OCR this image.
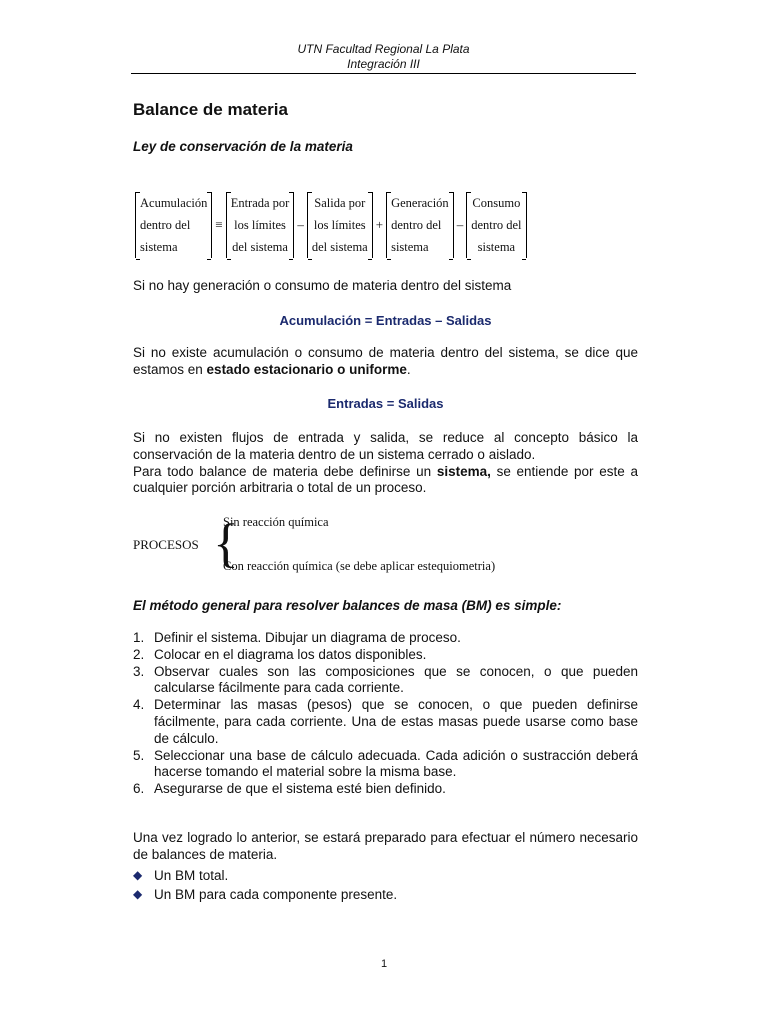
UTN Facultad Regional La Plata
Integración III
Balance de materia
Ley de conservación de la materia
Acumulación
dentro del
sistema
≡
Entrada por
los límites
del sistema
–
Salida por
los límites
del sistema
+
Generación
dentro del
sistema
–
Consumo
dentro del
sistema
Si no hay generación o consumo de materia dentro del sistema
Acumulación = Entradas – Salidas
Si no existe acumulación o consumo de materia dentro del sistema, se dice que estamos en estado estacionario o uniforme.
Entradas = Salidas
Si no existen flujos de entrada y salida, se reduce al concepto básico la conservación de la materia dentro de un sistema cerrado o aislado.
Para todo balance de materia debe definirse un sistema, se entiende por este a cualquier porción arbitraria o total de un proceso.
PROCESOS {
Sin reacción química
Con reacción química (se debe aplicar estequiometria)
El método general para resolver balances de masa (BM) es simple:
1. Definir el sistema. Dibujar un diagrama de proceso.
2. Colocar en el diagrama los datos disponibles.
3. Observar cuales son las composiciones que se conocen, o que pueden calcularse fácilmente para cada corriente.
4. Determinar las masas (pesos) que se conocen, o que pueden definirse fácilmente, para cada corriente. Una de estas masas puede usarse como base de cálculo.
5. Seleccionar una base de cálculo adecuada. Cada adición o sustracción deberá hacerse tomando el material sobre la misma base.
6. Asegurarse de que el sistema esté bien definido.
Una vez logrado lo anterior, se estará preparado para efectuar el número necesario de balances de materia.
◆ Un BM total.
◆ Un BM para cada componente presente.
1
